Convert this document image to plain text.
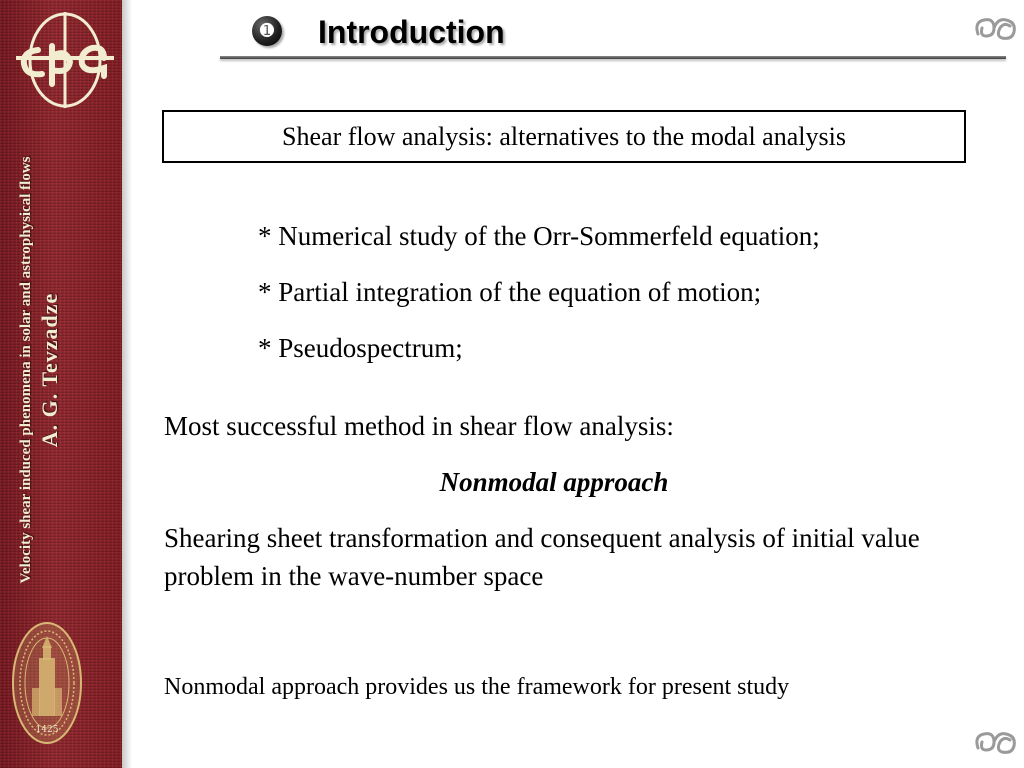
Velocity shear induced phenomena in solar and astrophysical flows A. G. Tevzadze
1425
➊ Introduction
Shear flow analysis: alternatives to the modal analysis
* Numerical study of the Orr-Sommerfeld equation;
* Partial integration of the equation of motion;
* Pseudospectrum;

Most successful method in shear flow analysis:

Nonmodal approach

Shearing sheet transformation and consequent analysis of initial value problem in the wave-number space

Nonmodal approach provides us the framework for present study
